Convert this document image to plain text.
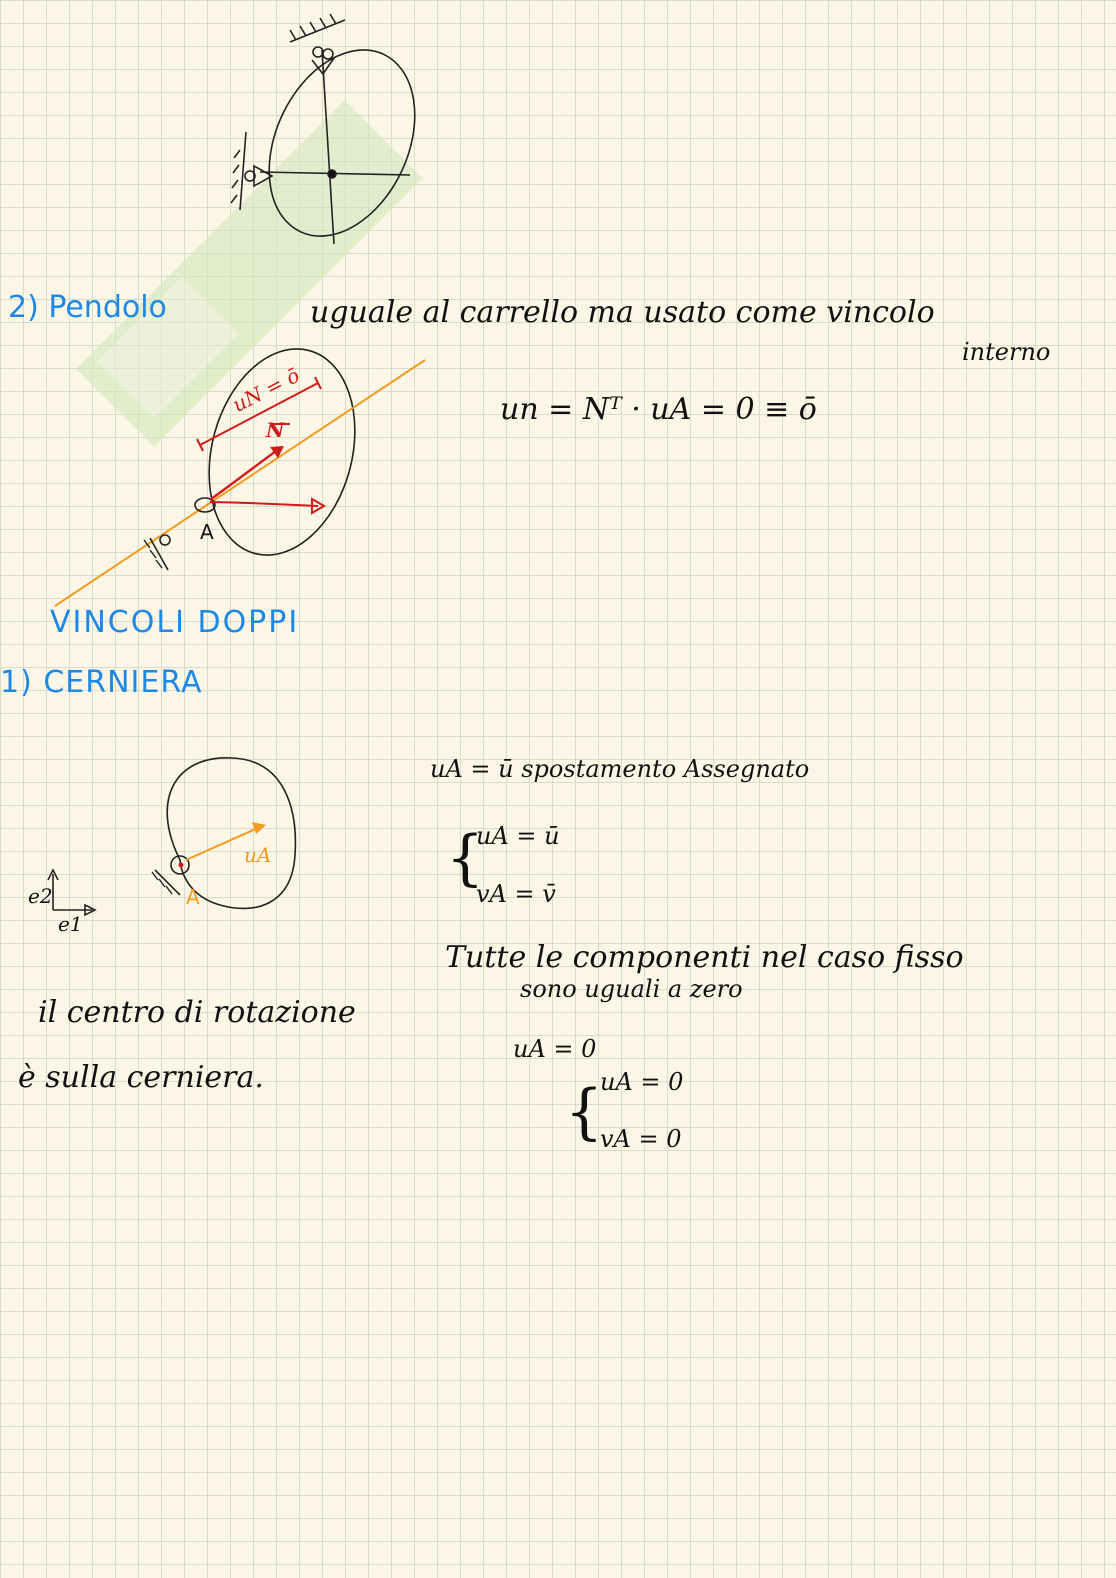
2) Pendolo	uguale al carrello ma usato come vincolo
interno
un = Nᵀ · uA = 0 ≡ ō
uN = ō
N
A
VINCOLI DOPPI
1) CERNIERA
A
uA
e1
e2
uA = ū spostamento Assegnato
{
uA = ū
vA = v̄
Tutte le componenti nel caso fisso
sono uguali a zero
uA = 0
{
uA = 0
vA = 0
il centro di rotazione
è sulla cerniera.
